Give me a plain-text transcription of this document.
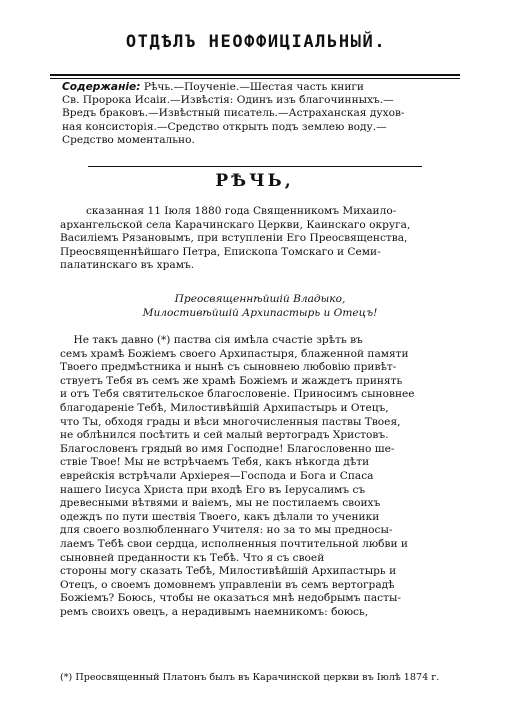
ОТДѢЛЪ НЕОФФИЦІАЛЬНЫЙ.
Содержаніе: Рѣчь.—Поученіе.—Шестая часть книги
Св. Пророка Исаіи.—Извѣстія: Одинъ изъ благочинныхъ.—
Вредъ браковъ.—Извѣстный писатель.—Астраханская духов-
ная консисторія.—Средство открыть подъ землею воду.—
Средство моментально.
РѢЧЬ,
сказанная 11 Іюля 1880 года Священникомъ Михаило-
архангельской села Карачинскаго Церкви, Каинскаго округа,
Василіемъ Рязановымъ, при вступленіи Его Преосвященства,
Преосвященнѣйшаго Петра, Епископа Томскаго и Семи-
палатинскаго въ храмъ.
Преосвященнѣйшій Владыко,
Милостивѣйшій Архипастырь и Отецъ!
Не такъ давно (*) паства сія имѣла счастіе зрѣть въ
семъ храмѣ Божіемъ своего Архипастыря, блаженной памяти
Твоего предмѣстника и нынѣ съ сыновнею любовію привѣт-
ствуетъ Тебя въ семъ же храмѣ Божіемъ и жаждетъ принять
и отъ Тебя святительское благословеніе. Приносимъ сыновнее
благодареніе Тебѣ, Милостивѣйшій Архипастырь и Отецъ,
что Ты, обходя грады и вѣси многочисленныя паствы Твоея,
не облѣнился посѣтить и сей малый вертоградъ Христовъ.
Благословенъ грядый во имя Господне! Благословенно ше-
ствіе Твое! Мы не встрѣчаемъ Тебя, какъ нѣкогда дѣти
еврейскія встрѣчали Архіерея—Господа и Бога и Спаса
нашего Іисуса Христа при входѣ Его въ Іерусалимъ съ
древесными вѣтвями и ваіемъ, мы не постилаемъ своихъ
одеждъ по пути шествія Твоего, какъ дѣлали то ученики
для своего возлюбленнаго Учителя: но за то мы предносы-
лаемъ Тебѣ свои сердца, исполненныя почтительной любви и
сыновней преданности къ Тебѣ. Что я съ своей
стороны могу сказать Тебѣ, Милостивѣйшій Архипастырь и
Отецъ, о своемъ домовнемъ управленіи въ семъ вертоградѣ
Божіемъ? Боюсь, чтобы не оказаться мнѣ недобрымъ пасты-
ремъ своихъ овецъ, а нерадивымъ наемникомъ: боюсь,
(*) Преосвященный Платонъ былъ въ Карачинской церкви въ Іюлѣ 1874 г.
